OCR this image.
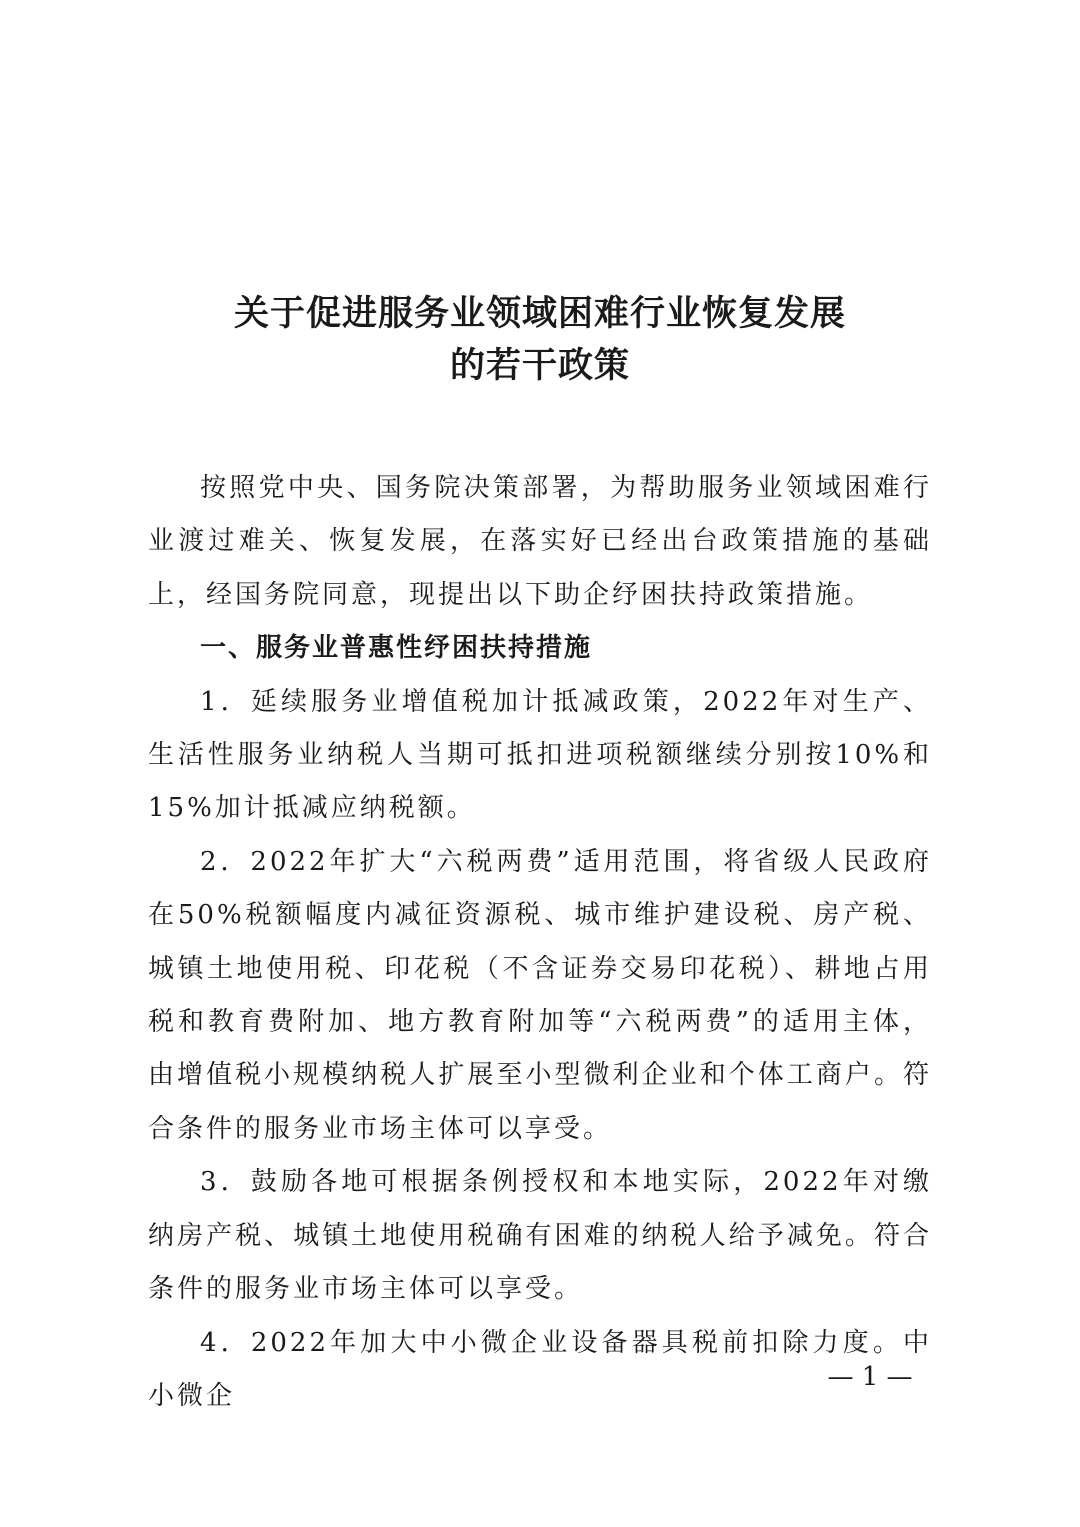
关于促进服务业领域困难行业恢复发展
的若干政策

按照党中央、国务院决策部署，为帮助服务业领域困难行业渡过难关、恢复发展，在落实好已经出台政策措施的基础上，经国务院同意，现提出以下助企纾困扶持政策措施。

一、服务业普惠性纾困扶持措施

1．延续服务业增值税加计抵减政策，2022年对生产、生活性服务业纳税人当期可抵扣进项税额继续分别按10%和15%加计抵减应纳税额。

2．2022年扩大“六税两费”适用范围，将省级人民政府在50%税额幅度内减征资源税、城市维护建设税、房产税、城镇土地使用税、印花税（不含证券交易印花税）、耕地占用税和教育费附加、地方教育附加等“六税两费”的适用主体，由增值税小规模纳税人扩展至小型微利企业和个体工商户。符合条件的服务业市场主体可以享受。

3．鼓励各地可根据条例授权和本地实际，2022年对缴纳房产税、城镇土地使用税确有困难的纳税人给予减免。符合条件的服务业市场主体可以享受。

4．2022年加大中小微企业设备器具税前扣除力度。中小微企

— 1 —
